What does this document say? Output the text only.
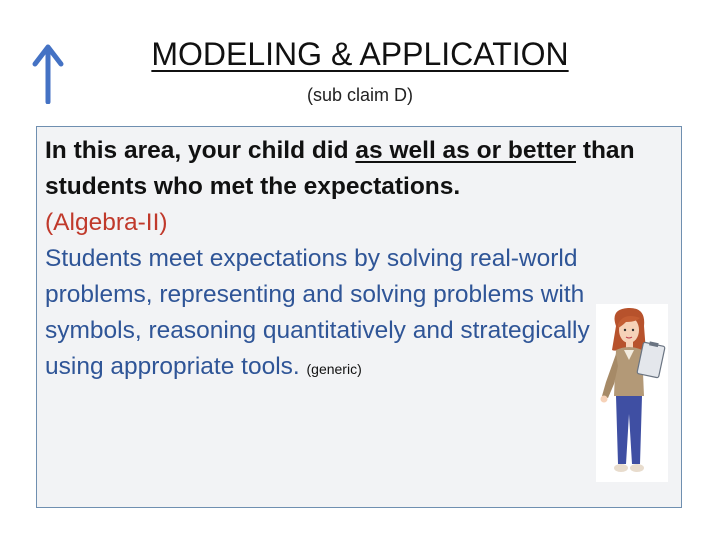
MODELING & APPLICATION
(sub claim D)
In this area, your child did as well as or better than students who met the expectations.
(Algebra-II)
Students meet expectations by solving real-world problems, representing and solving problems with symbols, reasoning quantitatively and strategically using appropriate tools. (generic)
